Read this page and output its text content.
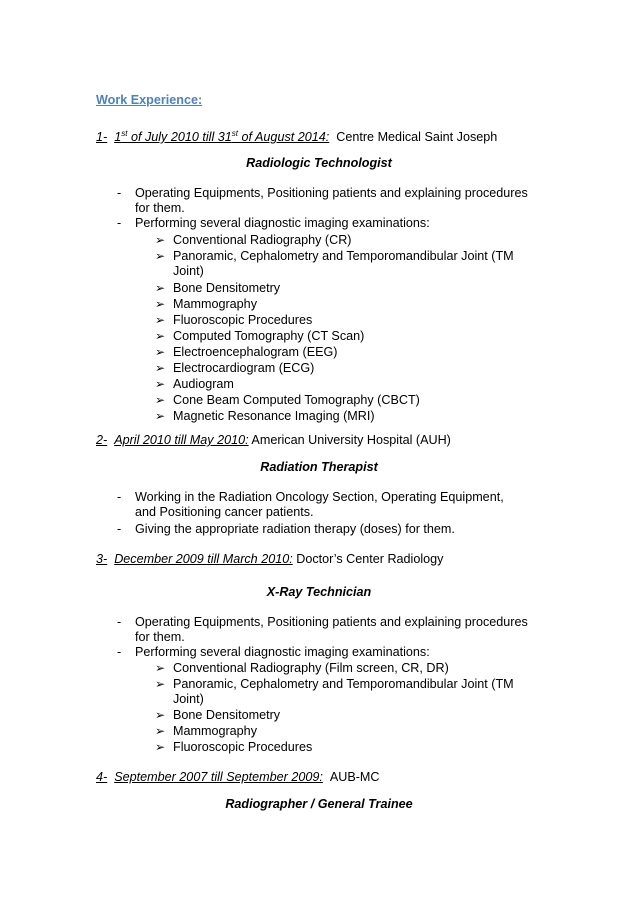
Work Experience:
1- 1st of July 2010 till 31st of August 2014: Centre Medical Saint Joseph
Radiologic Technologist
- Operating Equipments, Positioning patients and explaining procedures
for them.
- Performing several diagnostic imaging examinations:
➢ Conventional Radiography (CR)
➢ Panoramic, Cephalometry and Temporomandibular Joint (TM
Joint)
➢ Bone Densitometry
➢ Mammography
➢ Fluoroscopic Procedures
➢ Computed Tomography (CT Scan)
➢ Electroencephalogram (EEG)
➢ Electrocardiogram (ECG)
➢ Audiogram
➢ Cone Beam Computed Tomography (CBCT)
➢ Magnetic Resonance Imaging (MRI)
2-  April 2010 till May 2010: American University Hospital (AUH)
Radiation Therapist
- Working in the Radiation Oncology Section, Operating Equipment,
and Positioning cancer patients.
- Giving the appropriate radiation therapy (doses) for them.
3- December 2009 till March 2010: Doctor’s Center Radiology
X-Ray Technician
- Operating Equipments, Positioning patients and explaining procedures
for them.
- Performing several diagnostic imaging examinations:
➢ Conventional Radiography (Film screen, CR, DR)
➢ Panoramic, Cephalometry and Temporomandibular Joint (TM
Joint)
➢ Bone Densitometry
➢ Mammography
➢ Fluoroscopic Procedures
4-  September 2007 till September 2009: AUB-MC
Radiographer / General Trainee
